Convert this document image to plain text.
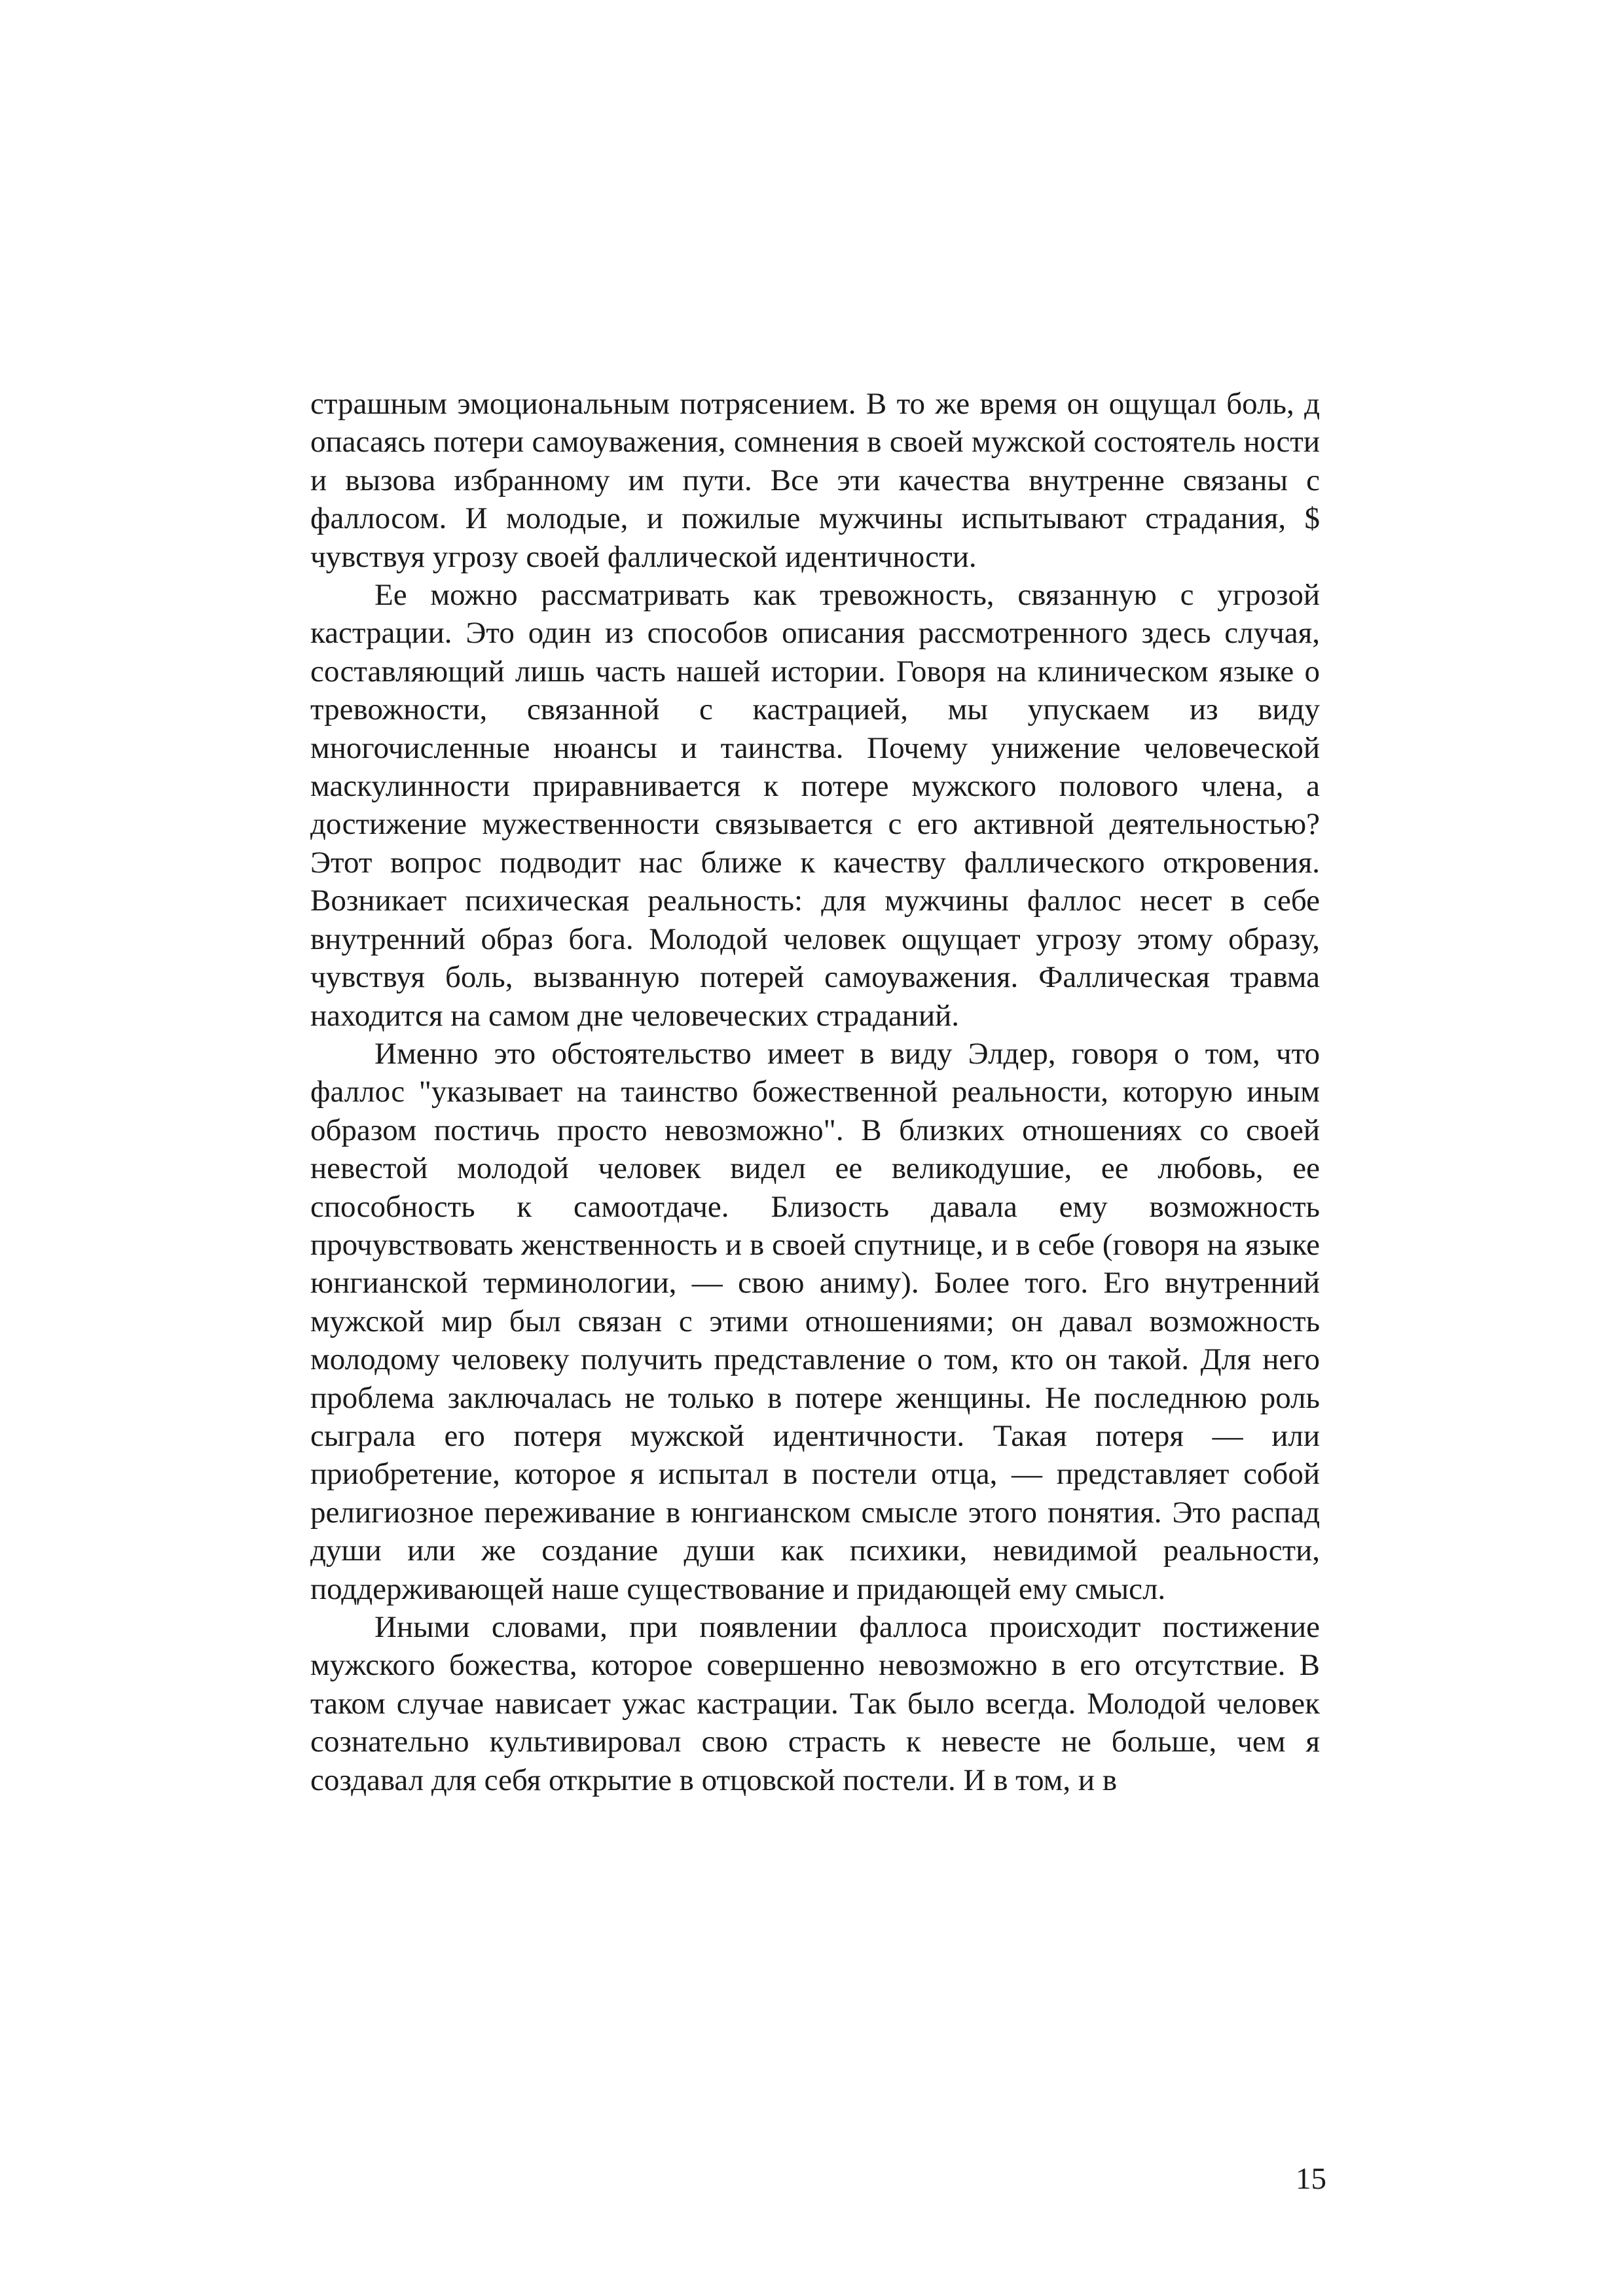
страшным эмоциональным потрясением. В то же время он ощущал боль, д опасаясь потери самоуважения, сомнения в своей мужской состоятель ности и вызова избранному им пути. Все эти качества внутренне связаны с фаллосом. И молодые, и пожилые мужчины испытывают страдания, $ чувствуя угрозу своей фаллической идентичности.

Ее можно рассматривать как тревожность, связанную с угрозой кастрации. Это один из способов описания рассмотренного здесь случая, составляющий лишь часть нашей истории. Говоря на клиническом языке о тревожности, связанной с кастрацией, мы упускаем из виду многочисленные нюансы и таинства. Почему унижение человеческой маскулинности приравнивается к потере мужского полового члена, а достижение мужественности связывается с его активной деятельностью? Этот вопрос подводит нас ближе к качеству фаллического откровения. Возникает психическая реальность: для мужчины фаллос несет в себе внутренний образ бога. Молодой человек ощущает угрозу этому образу, чувствуя боль, вызванную потерей самоуважения. Фаллическая травма находится на самом дне человеческих страданий.

Именно это обстоятельство имеет в виду Элдер, говоря о том, что фаллос "указывает на таинство божественной реальности, которую иным образом постичь просто невозможно". В близких отношениях со своей невестой молодой человек видел ее великодушие, ее любовь, ее способность к самоотдаче. Близость давала ему возможность прочувствовать женственность и в своей спутнице, и в себе (говоря на языке юнгианской терминологии, — свою аниму). Более того. Его внутренний мужской мир был связан с этими отношениями; он давал возможность молодому человеку получить представление о том, кто он такой. Для него проблема заключалась не только в потере женщины. Не последнюю роль сыграла его потеря мужской идентичности. Такая потеря — или приобретение, которое я испытал в постели отца, — представляет собой религиозное переживание в юнгианском смысле этого понятия. Это распад души или же создание души как психики, невидимой реальности, поддерживающей наше существование и придающей ему смысл.

Иными словами, при появлении фаллоса происходит постижение мужского божества, которое совершенно невозможно в его отсутствие. В таком случае нависает ужас кастрации. Так было всегда. Молодой человек сознательно культивировал свою страсть к невесте не больше, чем я создавал для себя открытие в отцовской постели. И в том, и в

15
